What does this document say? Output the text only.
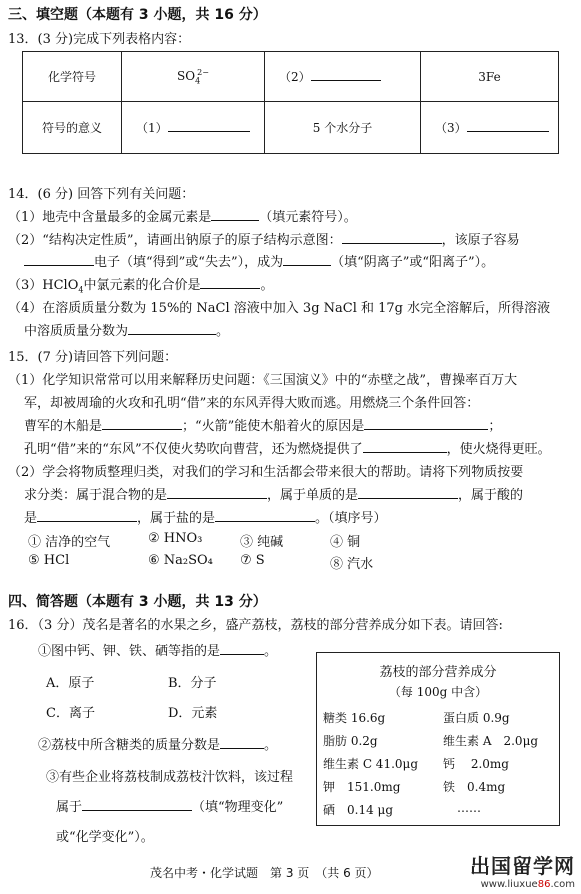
三、填空题（本题有 3 小题，共 16 分）
13．(3 分)完成下列表格内容：
化学符号	$SO_4^{2-}$	（2）	3Fe
符号的意义	（1）	5 个水分子	（3）
14．(6 分) 回答下列有关问题：
（1）地壳中含量最多的金属元素是	（填元素符号）。
（2）“结构决定性质”，请画出钠原子的原子结构示意图：	，该原子容易
电子（填“得到”或“失去”），成为	（填“阴离子”或“阳离子”）。
（3）HClO$_4$中氯元素的化合价是	。
（4）在溶质质量分数为 15%的 NaCl 溶液中加入 3g NaCl 和 17g 水完全溶解后，所得溶液
中溶质质量分数为	。
15．(7 分)请回答下列问题：
（1）化学知识常常可以用来解释历史问题：《三国演义》中的“赤壁之战”，曹操率百万大
军，却被周瑜的火攻和孔明“借”来的东风弄得大败而逃。用燃烧三个条件回答：
曹军的木船是	；“火箭”能使木船着火的原因是	；
孔明“借”来的“东风”不仅使火势吹向曹营，还为燃烧提供了	，使火烧得更旺。
（2）学会将物质整理归类，对我们的学习和生活都会带来很大的帮助。请将下列物质按要
求分类：属于混合物的是	，属于单质的是	，属于酸的
是	，属于盐的是	。（填序号）
① 洁净的空气	② HNO₃	③ 纯碱	④ 铜
⑤ HCl	⑥ Na₂SO₄ ⑦ S	⑧ 汽水
四、简答题（本题有 3 小题，共 13 分）
16．（3 分）茂名是著名的水果之乡，盛产荔枝，荔枝的部分营养成分如下表。请回答:
①图中钙、钾、铁、硒等指的是	。
A．原子	B．分子
C．离子	D．元素
②荔枝中所含糖类的质量分数是	。
③有些企业将荔枝制成荔枝汁饮料，该过程
属于	（填“物理变化”
或“化学变化”）。
荔枝的部分营养成分
（每 100g 中含）
糖类 16.6g	蛋白质 0.9g
脂肪 0.2g	维生素 A　2.0μg
维生素 C 41.0μg 钙　 2.0mg
钾　151.0mg	铁　0.4mg
硒　0.14 μg	……
茂名中考・化学试题　第 3 页　（共 6 页）	出国留学网
www.liuxue86.com
